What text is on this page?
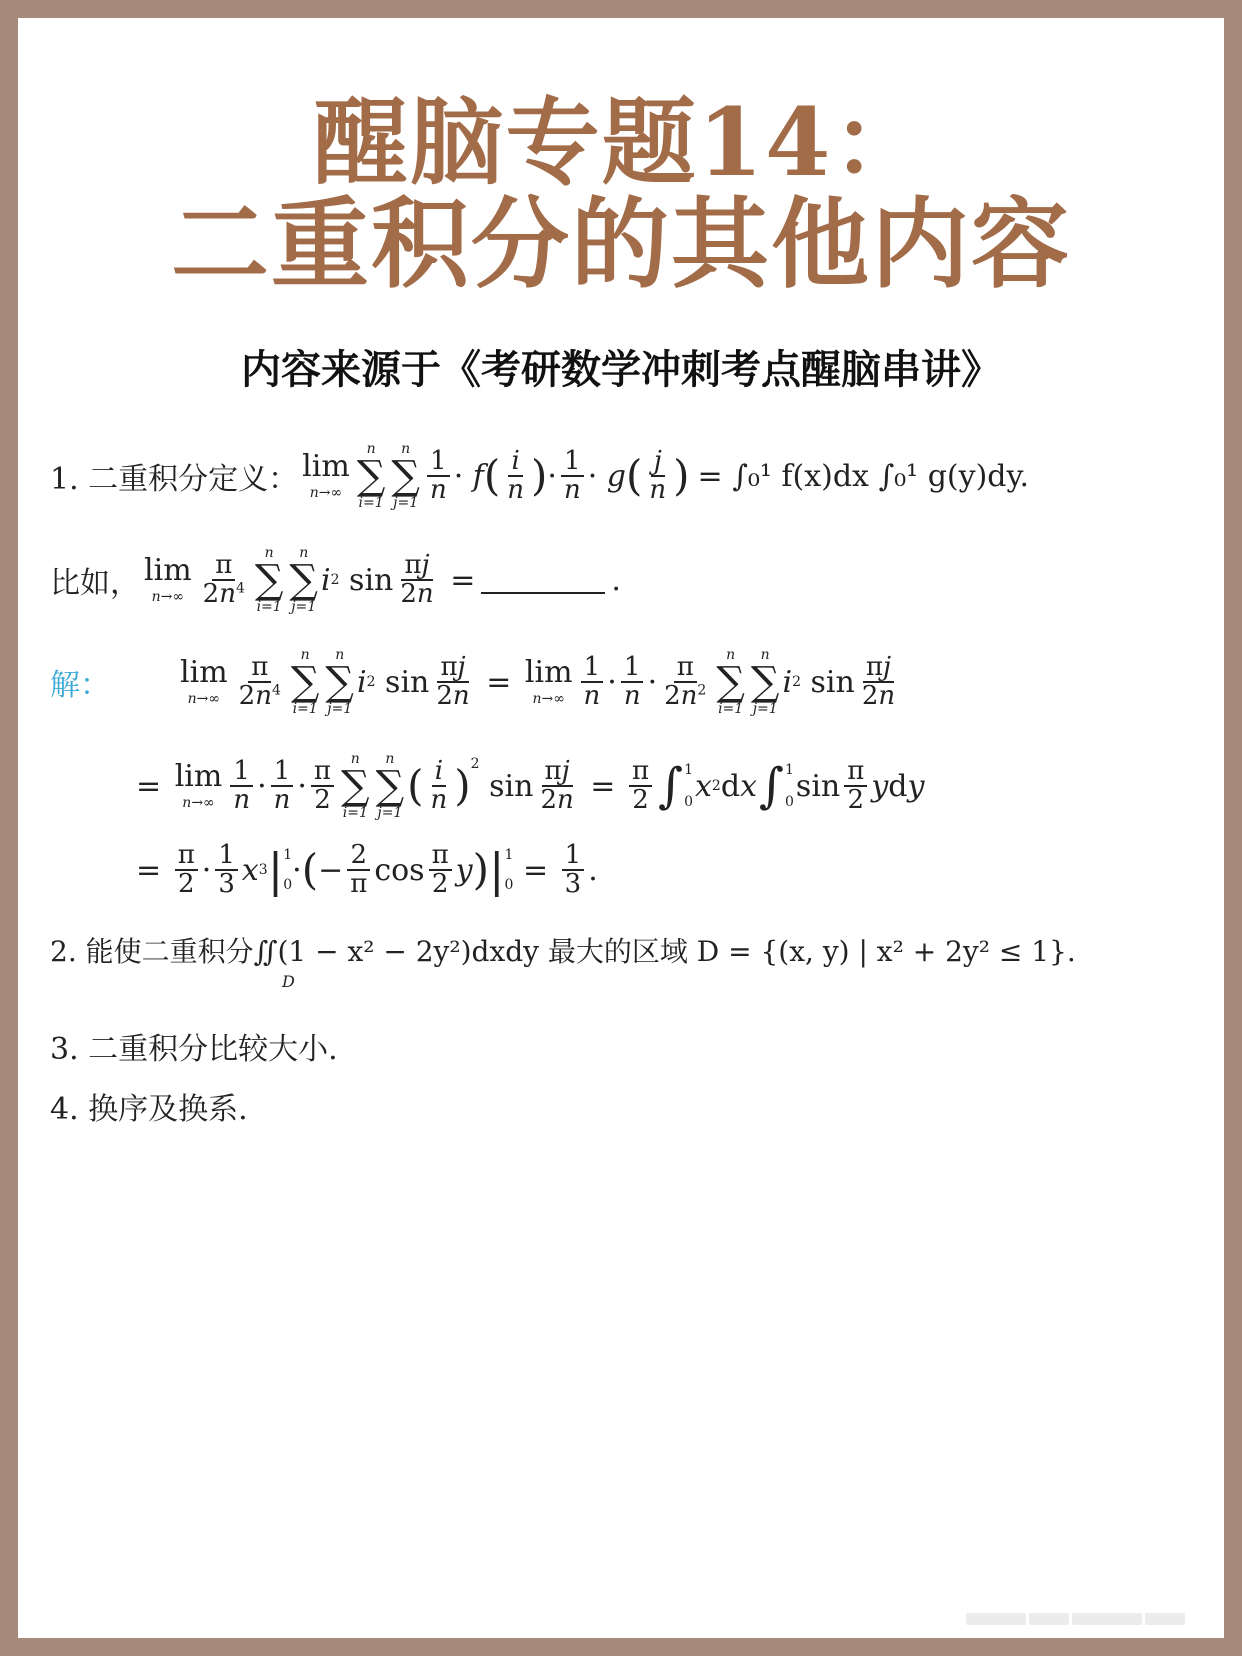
醒脑专题14：
二重积分的其他内容
内容来源于《考研数学冲刺考点醒脑串讲》
1. 二重积分定义： lim
n→∞
n
∑
i=1
n
∑
$j=1 \frac{1}{n} \cdot f$ ( $\frac{i}{n}$ ) · $\frac{1}{n} \cdot g$ ( $\frac{j}{n}$ ) = ∫₀¹ f(x)dx ∫₀¹ g(y)dy.
比如， lim
$n\to\infty \frac{\pi}{2n^4}$ n
∑
i=1
n
∑
j=1
i 2 $\sin \frac{\pi j}{2n}$ =	.
解： lim
$n\to\infty \frac{\pi}{2n^4}$ n
∑
i=1
n
∑
j=1
i 2 $\sin \frac{\pi j}{2n} = \lim$
$n\to\infty \frac{1}{n} \cdot \frac{1}{n} \cdot \frac{\pi}{2n^2}$ n
∑
i=1
n
∑
j=1
i 2 $\sin \frac{\pi j}{2n}$
= lim
$n\to\infty \frac{1}{n} \cdot \frac{1}{n} \cdot \frac{\pi}{2}$ n
∑
i=1
n
∑
j=1
( $\frac{i}{n} )^2$
$\sin \frac{\pi j}{2n} = \frac{\pi}{2}$ ∫ 1
0 x 2 dx ∫ 1
0 $\sin \frac{\pi}{2}$ y dy
= $\frac{\pi}{2} \cdot \frac{1}{3}$ x 3 | 1
0 · ( − $\frac{2}{\pi}$ $\cos \frac{\pi}{2}$ y ) | 1
$0 = \frac{1}{3}$ .
2. 能使二重积分∬(1 − x² − 2y²)dxdy 最大的区域 D = {(x, y) | x² + 2y² ≤ 1}.
D
3. 二重积分比较大小.
4. 换序及换系.
